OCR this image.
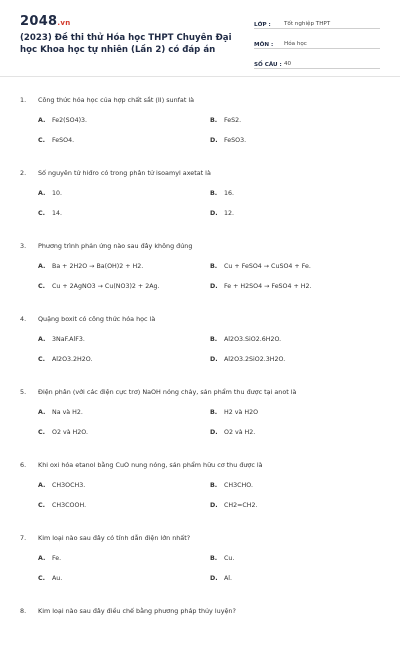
2048.vn
(2023) Đề thi thử Hóa học THPT Chuyên Đại học Khoa học tự nhiên (Lần 2) có đáp án
LỚP :	Tốt nghiệp THPT
MÔN :	Hóa học
SỐ CÂU : 40
1. Công thức hóa học của hợp chất sắt (II) sunfat là
A. Fe2(SO4)3.	B. FeS2.
C. FeSO4.	D. FeSO3.
2. Số nguyên tử hiđro có trong phân tử isoamyl axetat là
A. 10.	B. 16.
C. 14.	D. 12.
3. Phương trình phản ứng nào sau đây không đúng
A. Ba + 2H2O → Ba(OH)2 + H2.	B. Cu + FeSO4 → CuSO4 + Fe.
C. Cu + 2AgNO3 → Cu(NO3)2 + 2Ag.	D. Fe + H2SO4 → FeSO4 + H2.
4. Quặng boxit có công thức hóa học là
A. 3NaF.AlF3.	B. Al2O3.SiO2.6H2O.
C. Al2O3.2H2O.	D. Al2O3.2SiO2.3H2O.
5. Điện phân (với các điện cực trơ) NaOH nóng chảy, sản phẩm thu được tại anot là
A. Na và H2.	B. H2 và H2O
C. O2 và H2O.	D. O2 và H2.
6. Khi oxi hóa etanol bằng CuO nung nóng, sản phẩm hữu cơ thu được là
A. CH3OCH3.	B. CH3CHO.
C. CH3COOH.	D. CH2=CH2.
7. Kim loại nào sau đây có tính dẫn điện lớn nhất?
A. Fe.	B. Cu.
C. Au.	D. Al.
8. Kim loại nào sau đây điều chế bằng phương pháp thủy luyện?
